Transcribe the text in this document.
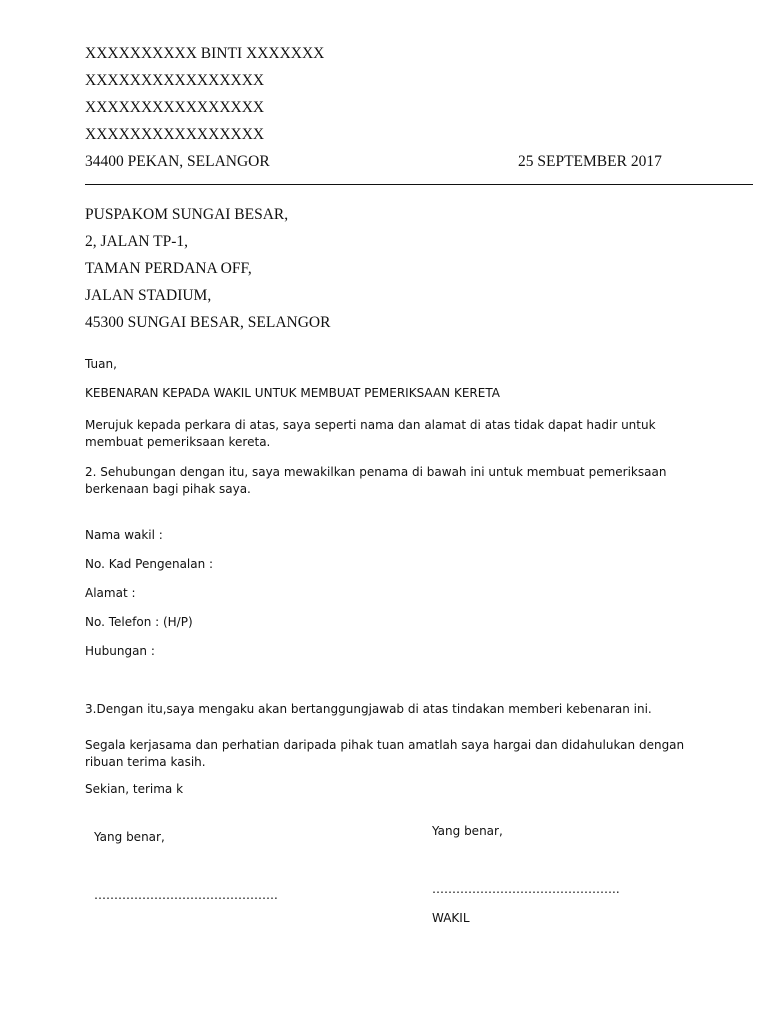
XXXXXXXXXX BINTI XXXXXXX
XXXXXXXXXXXXXXXX
XXXXXXXXXXXXXXXX
XXXXXXXXXXXXXXXX
34400 PEKAN, SELANGOR	25 SEPTEMBER 2017
PUSPAKOM SUNGAI BESAR,
2, JALAN TP-1,
TAMAN PERDANA OFF,
JALAN STADIUM,
45300 SUNGAI BESAR, SELANGOR
Tuan,
KEBENARAN KEPADA WAKIL UNTUK MEMBUAT PEMERIKSAAN KERETA
Merujuk kepada perkara di atas, saya seperti nama dan alamat di atas tidak dapat hadir untuk membuat pemeriksaan kereta.
2. Sehubungan dengan itu, saya mewakilkan penama di bawah ini untuk membuat pemeriksaan berkenaan bagi pihak saya.
Nama wakil :
No. Kad Pengenalan :
Alamat :
No. Telefon : (H/P)
Hubungan :
3.Dengan itu,saya mengaku akan bertanggungjawab di atas tindakan memberi kebenaran ini.
Segala kerjasama dan perhatian daripada pihak tuan amatlah saya hargai dan didahulukan dengan ribuan terima kasih.
Sekian, terima k
Yang benar,
……………………………………….
Yang benar,
………………………………………..
WAKIL
